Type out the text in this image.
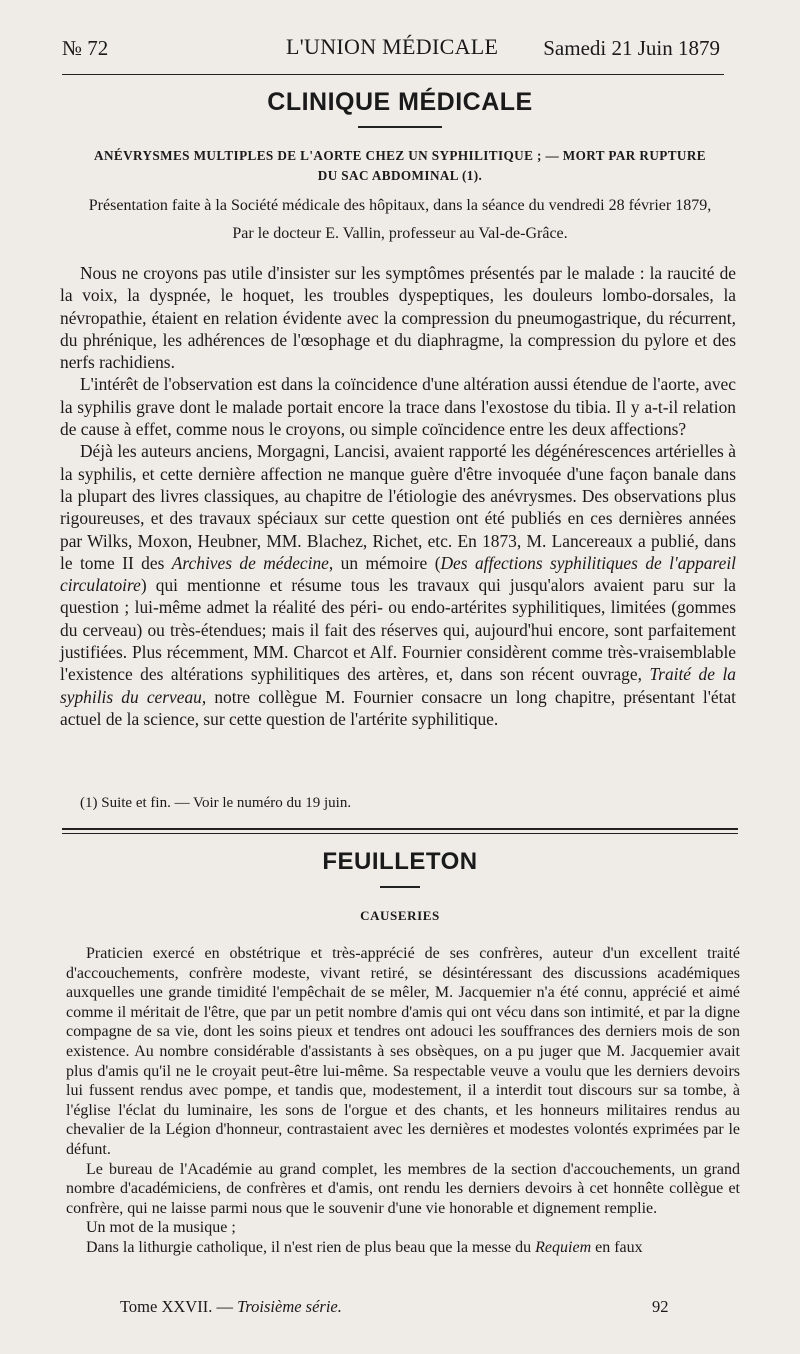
№ 72	L'UNION MÉDICALE Samedi 21 Juin 1879
CLINIQUE MÉDICALE
ANÉVRYSMES MULTIPLES DE L'AORTE CHEZ UN SYPHILITIQUE ; — MORT PAR RUPTURE
DU SAC ABDOMINAL (1).
Présentation faite à la Société médicale des hôpitaux, dans la séance du vendredi 28 février 1879,
Par le docteur E. Vallin, professeur au Val-de-Grâce.

Nous ne croyons pas utile d'insister sur les symptômes présentés par le malade : la raucité de la voix, la dyspnée, le hoquet, les troubles dyspeptiques, les douleurs lombo-dorsales, la névropathie, étaient en relation évidente avec la compression du pneumogastrique, du récurrent, du phrénique, les adhérences de l'œsophage et du diaphragme, la compression du pylore et des nerfs rachidiens.

L'intérêt de l'observation est dans la coïncidence d'une altération aussi étendue de l'aorte, avec la syphilis grave dont le malade portait encore la trace dans l'exostose du tibia. Il y a-t-il relation de cause à effet, comme nous le croyons, ou simple coïncidence entre les deux affections?

Déjà les auteurs anciens, Morgagni, Lancisi, avaient rapporté les dégénérescences artérielles à la syphilis, et cette dernière affection ne manque guère d'être invoquée d'une façon banale dans la plupart des livres classiques, au chapitre de l'étiologie des anévrysmes. Des observations plus rigoureuses, et des travaux spéciaux sur cette question ont été publiés en ces dernières années par Wilks, Moxon, Heubner, MM. Blachez, Richet, etc. En 1873, M. Lancereaux a publié, dans le tome II des Archives de médecine, un mémoire (Des affections syphilitiques de l'appareil circulatoire) qui mentionne et résume tous les travaux qui jusqu'alors avaient paru sur la question ; lui-même admet la réalité des péri- ou endo-artérites syphilitiques, limitées (gommes du cerveau) ou très-étendues; mais il fait des réserves qui, aujourd'hui encore, sont parfaitement justifiées. Plus récemment, MM. Charcot et Alf. Fournier considèrent comme très-vraisemblable l'existence des altérations syphilitiques des artères, et, dans son récent ouvrage, Traité de la syphilis du cerveau, notre collègue M. Fournier consacre un long chapitre, présentant l'état actuel de la science, sur cette question de l'artérite syphilitique.

(1) Suite et fin. — Voir le numéro du 19 juin.
FEUILLETON
CAUSERIES

Praticien exercé en obstétrique et très-apprécié de ses confrères, auteur d'un excellent traité d'accouchements, confrère modeste, vivant retiré, se désintéressant des discussions académiques auxquelles une grande timidité l'empêchait de se mêler, M. Jacquemier n'a été connu, apprécié et aimé comme il méritait de l'être, que par un petit nombre d'amis qui ont vécu dans son intimité, et par la digne compagne de sa vie, dont les soins pieux et tendres ont adouci les souffrances des derniers mois de son existence. Au nombre considérable d'assistants à ses obsèques, on a pu juger que M. Jacquemier avait plus d'amis qu'il ne le croyait peut-être lui-même. Sa respectable veuve a voulu que les derniers devoirs lui fussent rendus avec pompe, et tandis que, modestement, il a interdit tout discours sur sa tombe, à l'église l'éclat du luminaire, les sons de l'orgue et des chants, et les honneurs militaires rendus au chevalier de la Légion d'honneur, contrastaient avec les dernières et modestes volontés exprimées par le défunt.

Le bureau de l'Académie au grand complet, les membres de la section d'accouchements, un grand nombre d'académiciens, de confrères et d'amis, ont rendu les derniers devoirs à cet honnête collègue et confrère, qui ne laisse parmi nous que le souvenir d'une vie honorable et dignement remplie.

Un mot de la musique ;

Dans la lithurgie catholique, il n'est rien de plus beau que la messe du Requiem en faux

Tome XXVII. — Troisième série.	92
